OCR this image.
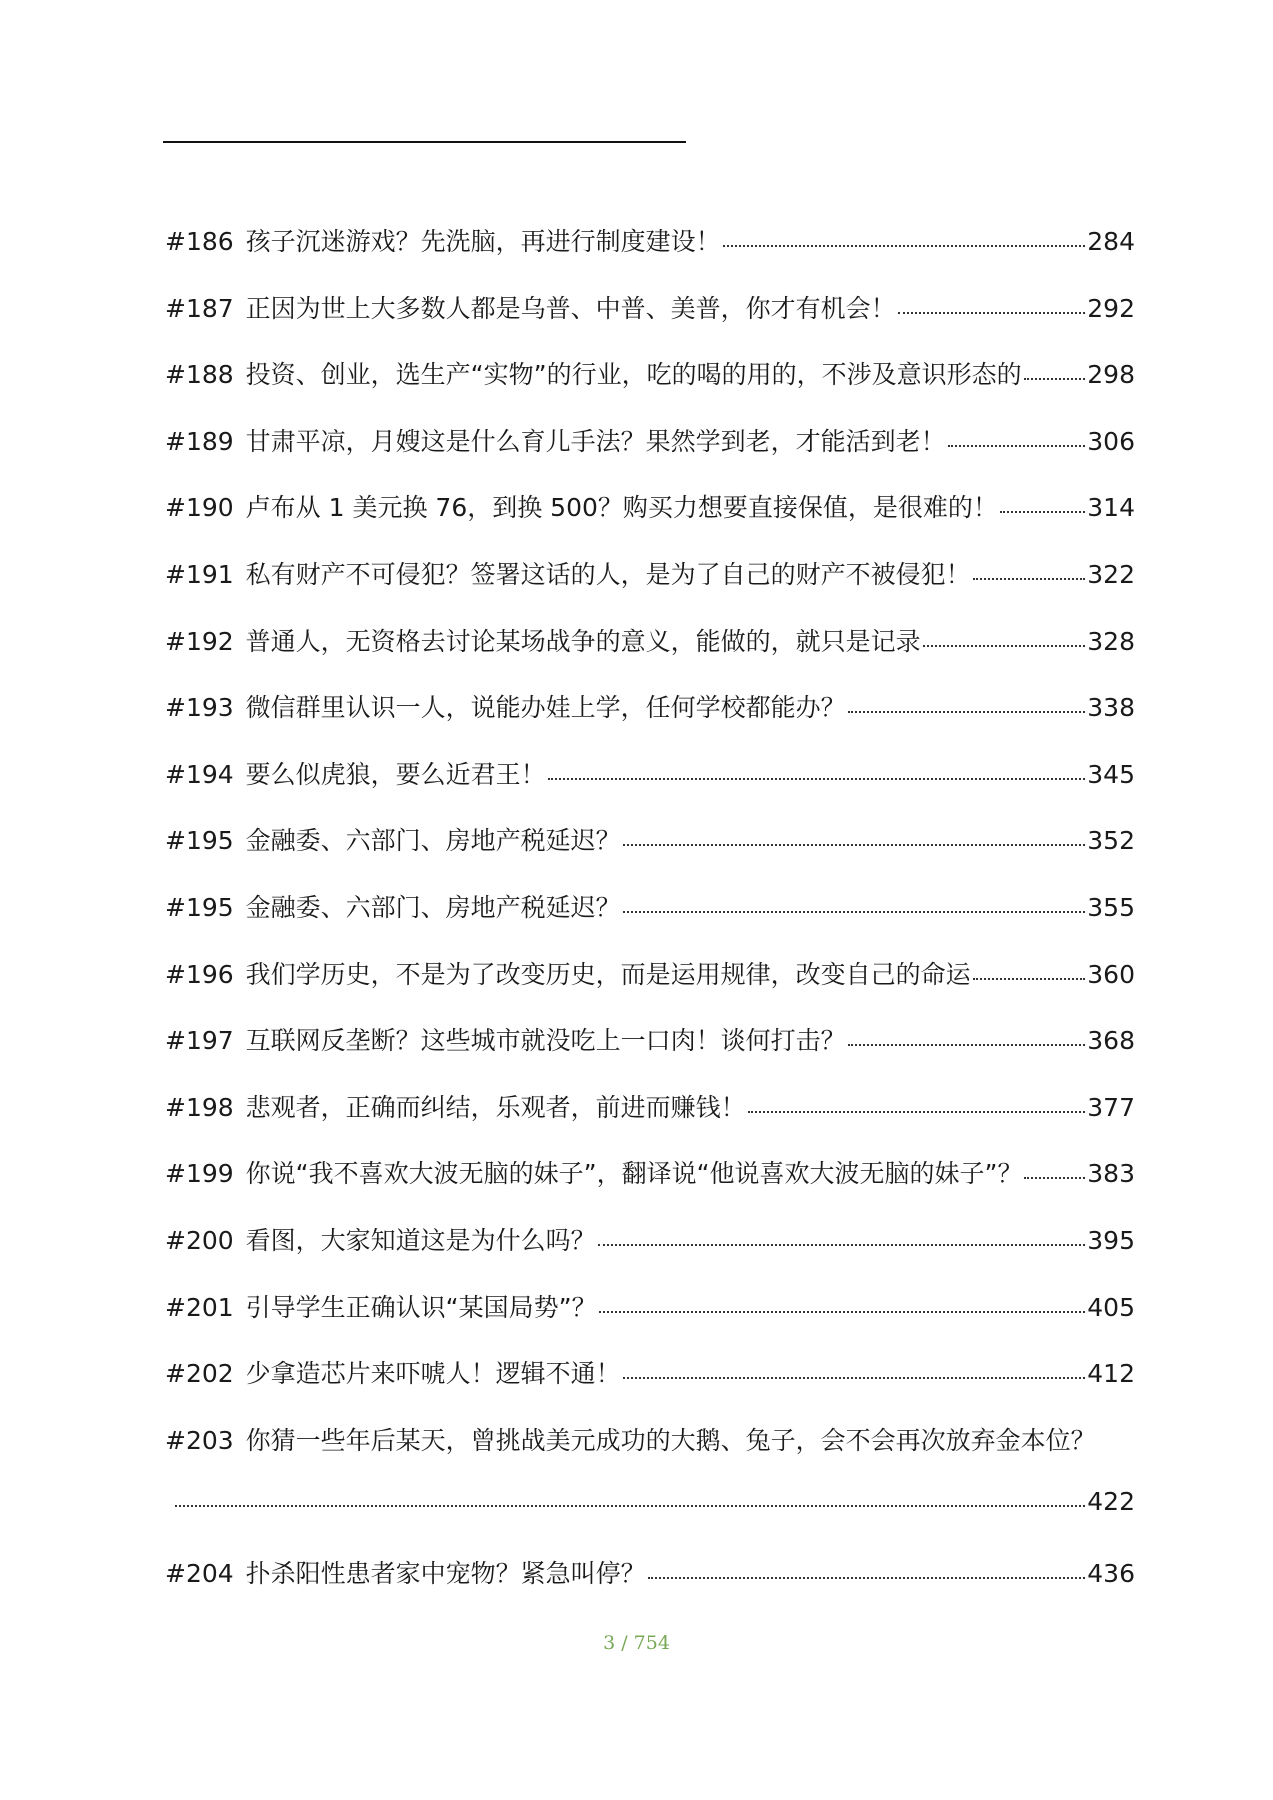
#186 孩子沉迷游戏？先洗脑，再进行制度建设！	284
#187 正因为世上大多数人都是乌普、中普、美普，你才有机会！	292
#188 投资、创业，选生产“实物”的行业，吃的喝的用的，不涉及意识形态的	298
#189 甘肃平凉，月嫂这是什么育儿手法？果然学到老，才能活到老！	306
#190 卢布从 1 美元换 76，到换 500？购买力想要直接保值，是很难的！	314
#191 私有财产不可侵犯？签署这话的人，是为了自己的财产不被侵犯！	322
#192 普通人，无资格去讨论某场战争的意义，能做的，就只是记录	328
#193 微信群里认识一人，说能办娃上学，任何学校都能办？	338
#194 要么似虎狼，要么近君王！	345
#195 金融委、六部门、房地产税延迟？	352
#195 金融委、六部门、房地产税延迟？	355
#196 我们学历史，不是为了改变历史，而是运用规律，改变自己的命运	360
#197 互联网反垄断？这些城市就没吃上一口肉！谈何打击？	368
#198 悲观者，正确而纠结，乐观者，前进而赚钱！	377
#199 你说“我不喜欢大波无脑的妹子”，翻译说“他说喜欢大波无脑的妹子”？	383
#200 看图，大家知道这是为什么吗？	395
#201 引导学生正确认识“某国局势”？	405
#202 少拿造芯片来吓唬人！逻辑不通！	412
#203 你猜一些年后某天，曾挑战美元成功的大鹅、兔子，会不会再次放弃金本位？
422
#204 扑杀阳性患者家中宠物？紧急叫停？	436
3 / 754
